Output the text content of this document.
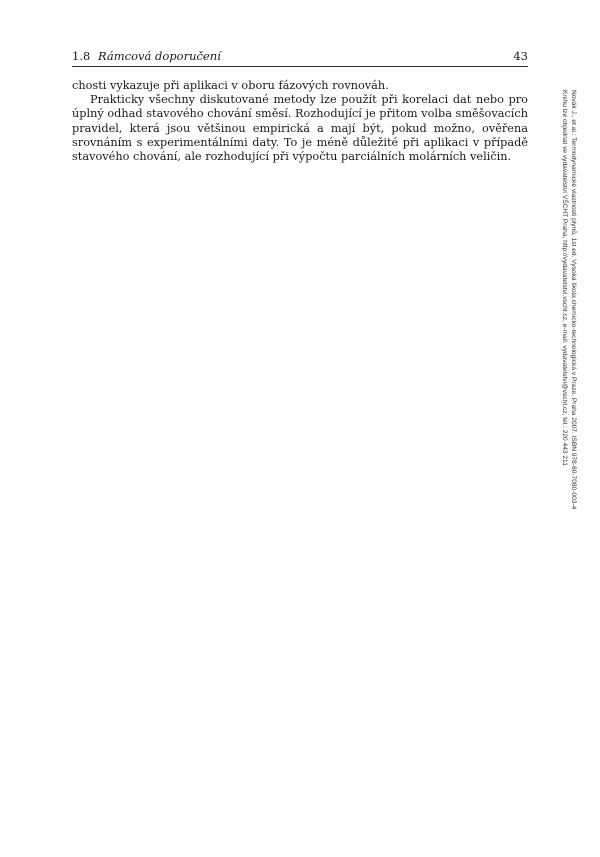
1.8 Rámcová doporučení	43

chosti vykazuje při aplikaci v oboru fázových rovnováh.

Prakticky všechny diskutované metody lze použít při korelaci dat nebo pro úplný odhad stavového chování směsí. Rozhodující je přitom volba směšovacích pravidel, která jsou většinou empirická a mají být, pokud možno, ověřena srovnáním s experimentálními daty. To je méně důležité při aplikaci v případě stavového chování, ale rozhodující při výpočtu parciálních molárních veličin.	Novák J., et al.: Termodynamické vlastnosti plynů, 1st ed. Vysoká škola chemicko-technologická v Praze, Praha 2007. ISBN 978-80-7080-003-4
Knihu lze objednat ve vydavatelství VŠCHT Praha, http://vydavatelstvi.vscht.cz, e-mail: vydavatelstvi@vscht.cz, tel.: 220 443 211
